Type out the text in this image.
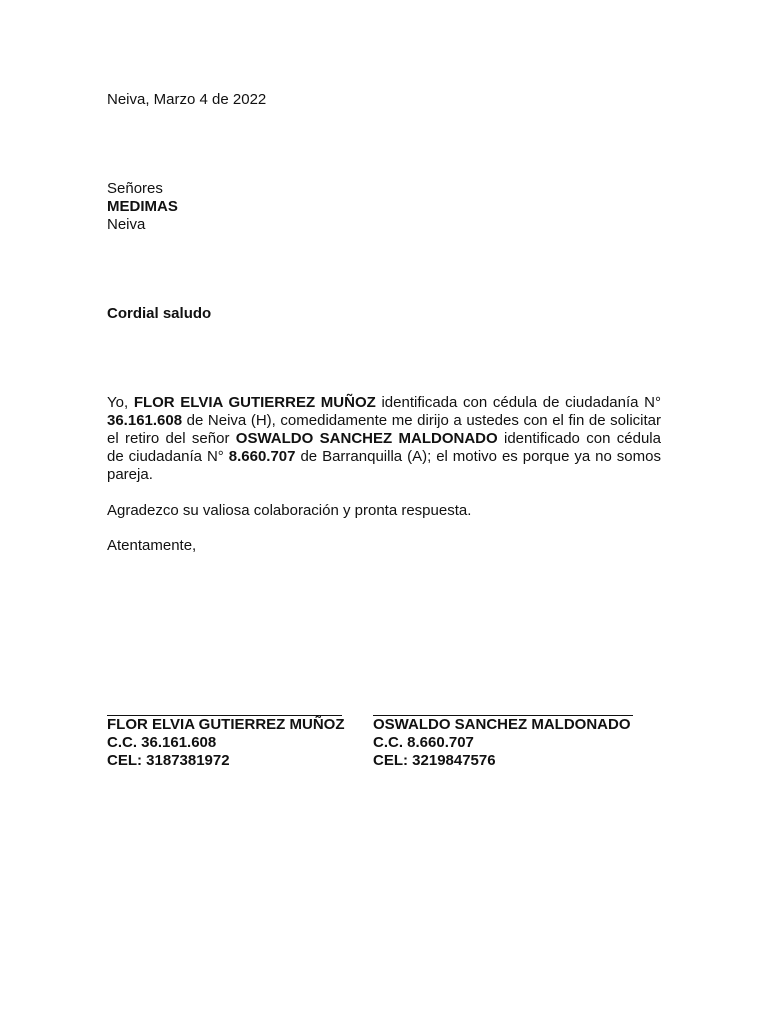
Neiva, Marzo 4 de 2022
Señores
MEDIMAS
Neiva
Cordial saludo
Yo, FLOR ELVIA GUTIERREZ MUÑOZ identificada con cédula de ciudadanía N° 36.161.608 de Neiva (H), comedidamente me dirijo a ustedes con el fin de solicitar el retiro del señor OSWALDO SANCHEZ MALDONADO identificado con cédula de ciudadanía N° 8.660.707 de Barranquilla (A); el motivo es porque ya no somos pareja.
Agradezco su valiosa colaboración y pronta respuesta.
Atentamente,
FLOR ELVIA GUTIERREZ MUÑOZ
C.C. 36.161.608
CEL: 3187381972
OSWALDO SANCHEZ MALDONADO
C.C. 8.660.707
CEL: 3219847576
